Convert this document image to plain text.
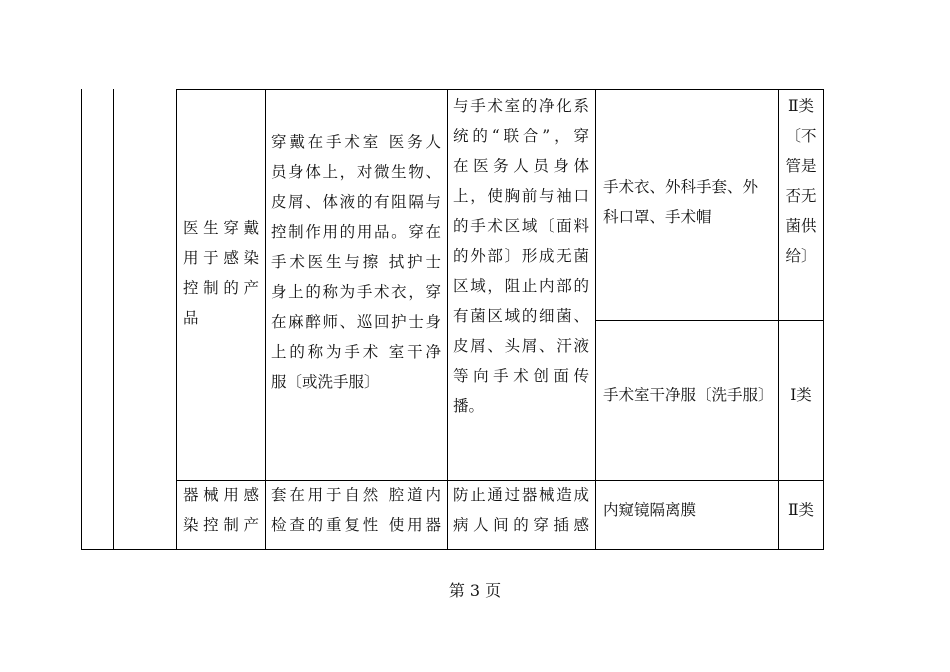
医生穿戴
用于感染
控制的产
品
穿戴在手术室 医务人
员身体上，对微生物、
皮屑、体液的有阻隔与
控制作用的用品。穿在
手术医生与擦 拭护士
身上的称为手术衣，穿
在麻醉师、巡回护士身
上的称为手术 室干净
服〔或洗手服〕
与手术室的净化系
统的“联合”，穿
在医务人员身体
上，使胸前与袖口
的手术区域〔面料
的外部〕形成无菌
区域，阻止内部的
有菌区域的细菌、
皮屑、头屑、汗液
等向手术创面传
播。
手术衣、外科手套、外
科口罩、手术帽
Ⅱ类
〔不
管是
否无
菌供
给〕
手术室干净服〔洗手服〕	Ⅰ类
器械用感
染控制产
套在用于自然 腔道内
检查的重复性 使用器
防止通过器械造成
病人间的穿插感
内窥镜隔离膜	Ⅱ类
第 3 页
